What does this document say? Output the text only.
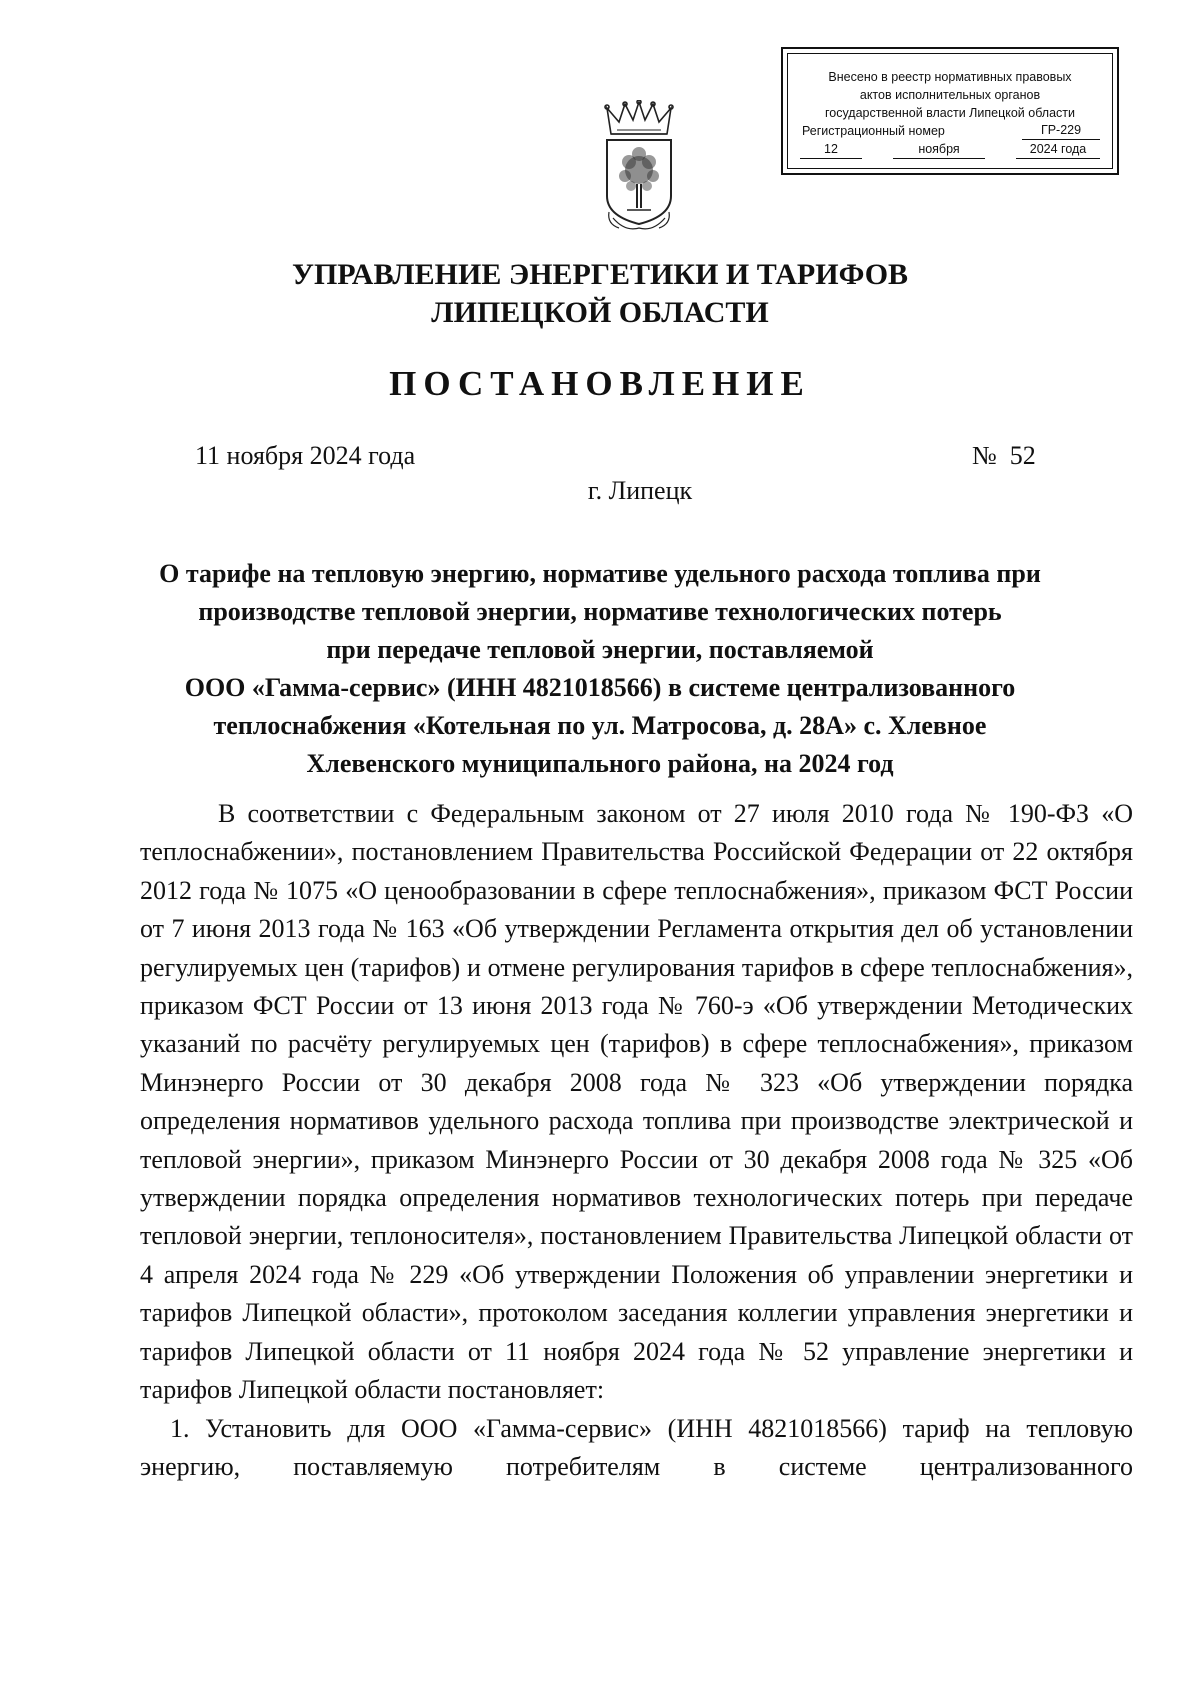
Внесено в реестр нормативных правовых
актов исполнительных органов
государственной власти Липецкой области
Регистрационный номер	ГР-229
12	ноября	2024 года
УПРАВЛЕНИЕ ЭНЕРГЕТИКИ И ТАРИФОВ
ЛИПЕЦКОЙ ОБЛАСТИ
ПОСТАНОВЛЕНИЕ
11 ноября 2024 года	№  52
г. Липецк
О тарифе на тепловую энергию, нормативе удельного расхода топлива при
производстве тепловой энергии, нормативе технологических потерь
при передаче тепловой энергии, поставляемой
ООО «Гамма-сервис» (ИНН 4821018566) в системе централизованного
теплоснабжения «Котельная по ул. Матросова, д. 28А» с. Хлевное
Хлевенского муниципального района, на 2024 год

В соответствии с Федеральным законом от 27 июля 2010 года № 190-ФЗ «О теплоснабжении», постановлением Правительства Российской Федерации от 22 октября 2012 года № 1075 «О ценообразовании в сфере теплоснабжения», приказом ФСТ России от 7 июня 2013 года № 163 «Об утверждении Регламента открытия дел об установлении регулируемых цен (тарифов) и отмене регулирования тарифов в сфере теплоснабжения», приказом ФСТ России от 13 июня 2013 года № 760-э «Об утверждении Методических указаний по расчёту регулируемых цен (тарифов) в сфере теплоснабжения», приказом Минэнерго России от 30 декабря 2008 года № 323 «Об утверждении порядка определения нормативов удельного расхода топлива при производстве электрической и тепловой энергии», приказом Минэнерго России от 30 декабря 2008 года № 325 «Об утверждении порядка определения нормативов технологических потерь при передаче тепловой энергии, теплоносителя», постановлением Правительства Липецкой области от 4 апреля 2024 года № 229 «Об утверждении Положения об управлении энергетики и тарифов Липецкой области», протоколом заседания коллегии управления энергетики и тарифов Липецкой области от 11 ноября 2024 года № 52 управление энергетики и тарифов Липецкой области постановляет:

1. Установить для ООО «Гамма-сервис» (ИНН 4821018566) тариф на тепловую энергию, поставляемую потребителям в системе централизованного
